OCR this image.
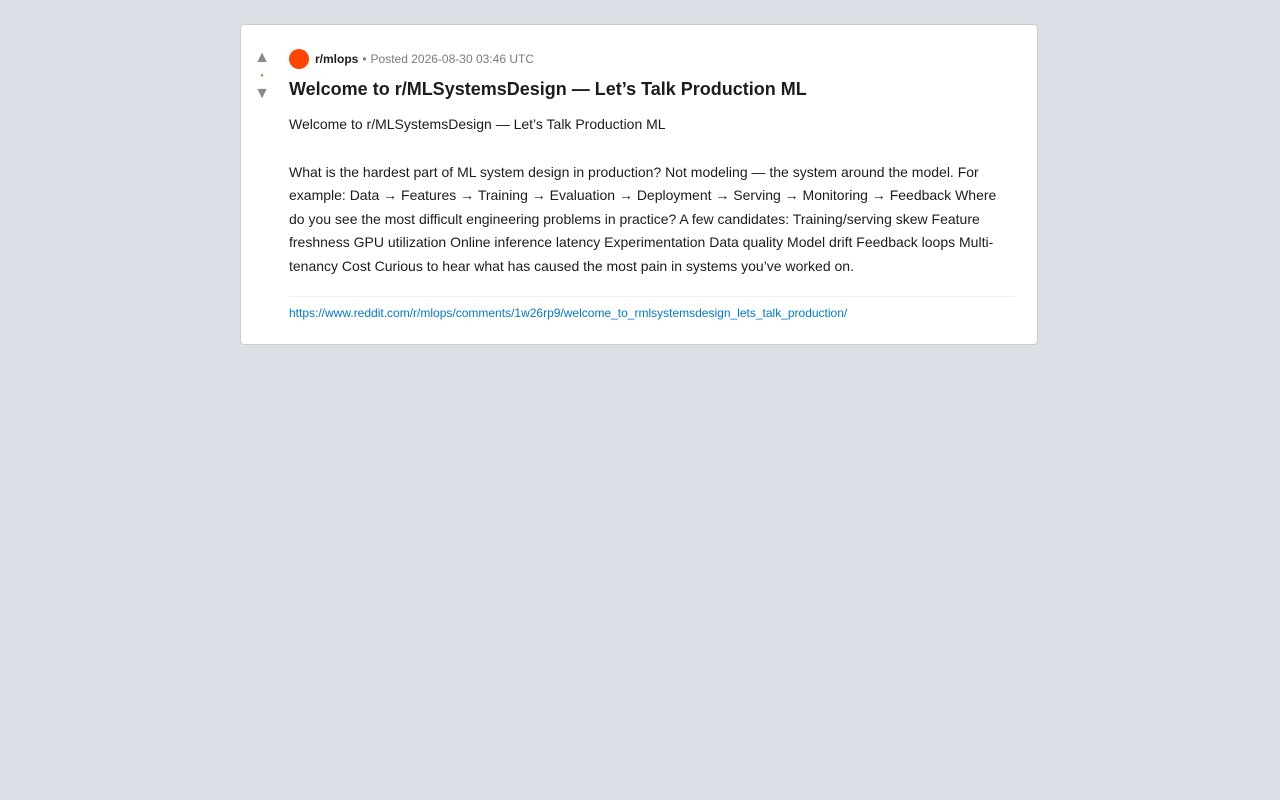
▲
•
▼
r/mlops • Posted 2026-08-30 03:46 UTC
Welcome to r/MLSystemsDesign — Let’s Talk Production ML

Welcome to r/MLSystemsDesign — Let’s Talk Production ML

What is the hardest part of ML system design in production? Not modeling — the system around the model. For example: Data → Features → Training → Evaluation → Deployment → Serving → Monitoring → Feedback Where do you see the most difficult engineering problems in practice? A few candidates: Training/serving skew Feature freshness GPU utilization Online inference latency Experimentation Data quality Model drift Feedback loops Multi-tenancy Cost Curious to hear what has caused the most pain in systems you’ve worked on.

https://www.reddit.com/r/mlops/comments/1w26rp9/welcome_to_rmlsystemsdesign_lets_talk_production/
